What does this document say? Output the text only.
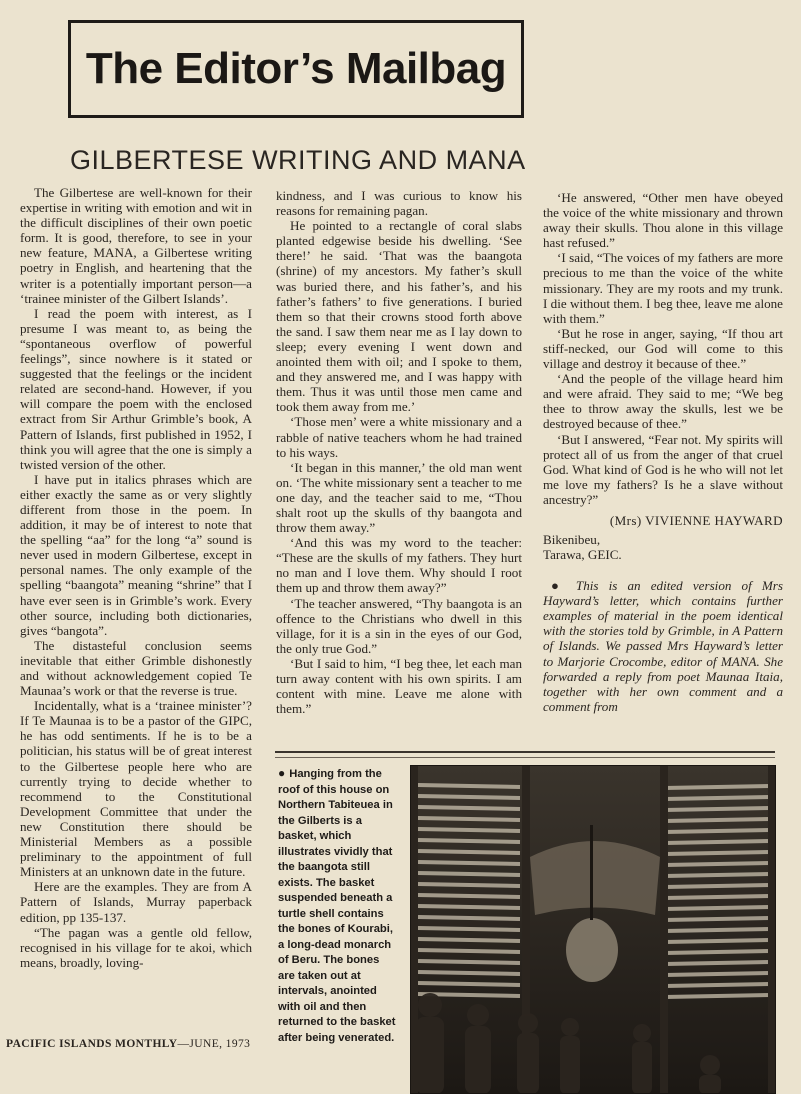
The Editor’s Mailbag
GILBERTESE WRITING AND MANA

The Gilbertese are well-known for their expertise in writing with emotion and wit in the difficult disciplines of their own poetic form. It is good, therefore, to see in your new feature, MANA, a Gilbertese writing poetry in English, and heartening that the writer is a potentially important person—a ‘trainee minister of the Gilbert Islands’.

I read the poem with interest, as I presume I was meant to, as being the “spontaneous overflow of powerful feelings”, since nowhere is it stated or suggested that the feelings or the incident related are second-hand. However, if you will compare the poem with the enclosed extract from Sir Arthur Grimble’s book, A Pattern of Islands, first published in 1952, I think you will agree that the one is simply a twisted version of the other.

I have put in italics phrases which are either exactly the same as or very slightly different from those in the poem. In addition, it may be of interest to note that the spelling “aa” for the long “a” sound is never used in modern Gilbertese, except in personal names. The only example of the spelling “baangota” meaning “shrine” that I have ever seen is in Grimble’s work. Every other source, including both dictionaries, gives “bangota”.

The distasteful conclusion seems inevitable that either Grimble dishonestly and without acknowledgement copied Te Maunaa’s work or that the reverse is true.

Incidentally, what is a ‘trainee minister’? If Te Maunaa is to be a pastor of the GIPC, he has odd sentiments. If he is to be a politician, his status will be of great interest to the Gilbertese people here who are currently trying to decide whether to recommend to the Constitutional Development Committee that under the new Constitution there should be Ministerial Members as a possible preliminary to the appointment of full Ministers at an unknown date in the future.

Here are the examples. They are from A Pattern of Islands, Murray paperback edition, pp 135-137.

“The pagan was a gentle old fellow, recognised in his village for te akoi, which means, broadly, loving-

kindness, and I was curious to know his reasons for remaining pagan.

He pointed to a rectangle of coral slabs planted edgewise beside his dwelling. ‘See there!’ he said. ‘That was the baangota (shrine) of my ancestors. My father’s skull was buried there, and his father’s, and his father’s fathers’ to five generations. I buried them so that their crowns stood forth above the sand. I saw them near me as I lay down to sleep; every evening I went down and anointed them with oil; and I spoke to them, and they answered me, and I was happy with them. Thus it was until those men came and took them away from me.’

‘Those men’ were a white missionary and a rabble of native teachers whom he had trained to his ways.

‘It began in this manner,’ the old man went on. ‘The white missionary sent a teacher to me one day, and the teacher said to me, “Thou shalt root up the skulls of thy baangota and throw them away.”

‘And this was my word to the teacher: “These are the skulls of my fathers. They hurt no man and I love them. Why should I root them up and throw them away?”

‘The teacher answered, “Thy baangota is an offence to the Christians who dwell in this village, for it is a sin in the eyes of our God, the only true God.”

‘But I said to him, “I beg thee, let each man turn away content with his own spirits. I am content with mine. Leave me alone with them.”

‘He answered, “Other men have obeyed the voice of the white missionary and thrown away their skulls. Thou alone in this village hast refused.”

‘I said, “The voices of my fathers are more precious to me than the voice of the white missionary. They are my roots and my trunk. I die without them. I beg thee, leave me alone with them.”

‘But he rose in anger, saying, “If thou art stiff-necked, our God will come to this village and destroy it because of thee.”

‘And the people of the village heard him and were afraid. They said to me; “We beg thee to throw away the skulls, lest we be destroyed because of thee.”

‘But I answered, “Fear not. My spirits will protect all of us from the anger of that cruel God. What kind of God is he who will not let me love my fathers? Is he a slave without ancestry?”

(Mrs) VIVIENNE HAYWARD
Bikenibeu,
Tarawa, GEIC.

● This is an edited version of Mrs Hayward’s letter, which contains further examples of material in the poem identical with the stories told by Grimble, in A Pattern of Islands. We passed Mrs Hayward’s letter to Marjorie Crocombe, editor of MANA. She forwarded a reply from poet Maunaa Itaia, together with her own comment and a comment from

● Hanging from the roof of this house on Northern Tabiteuea in the Gilberts is a basket, which illustrates vividly that the baangota still exists. The basket suspended beneath a turtle shell contains the bones of Kourabi, a long-dead monarch of Beru. The bones are taken out at intervals, anointed with oil and then returned to the basket after being venerated.
PACIFIC ISLANDS MONTHLY—JUNE, 1973
